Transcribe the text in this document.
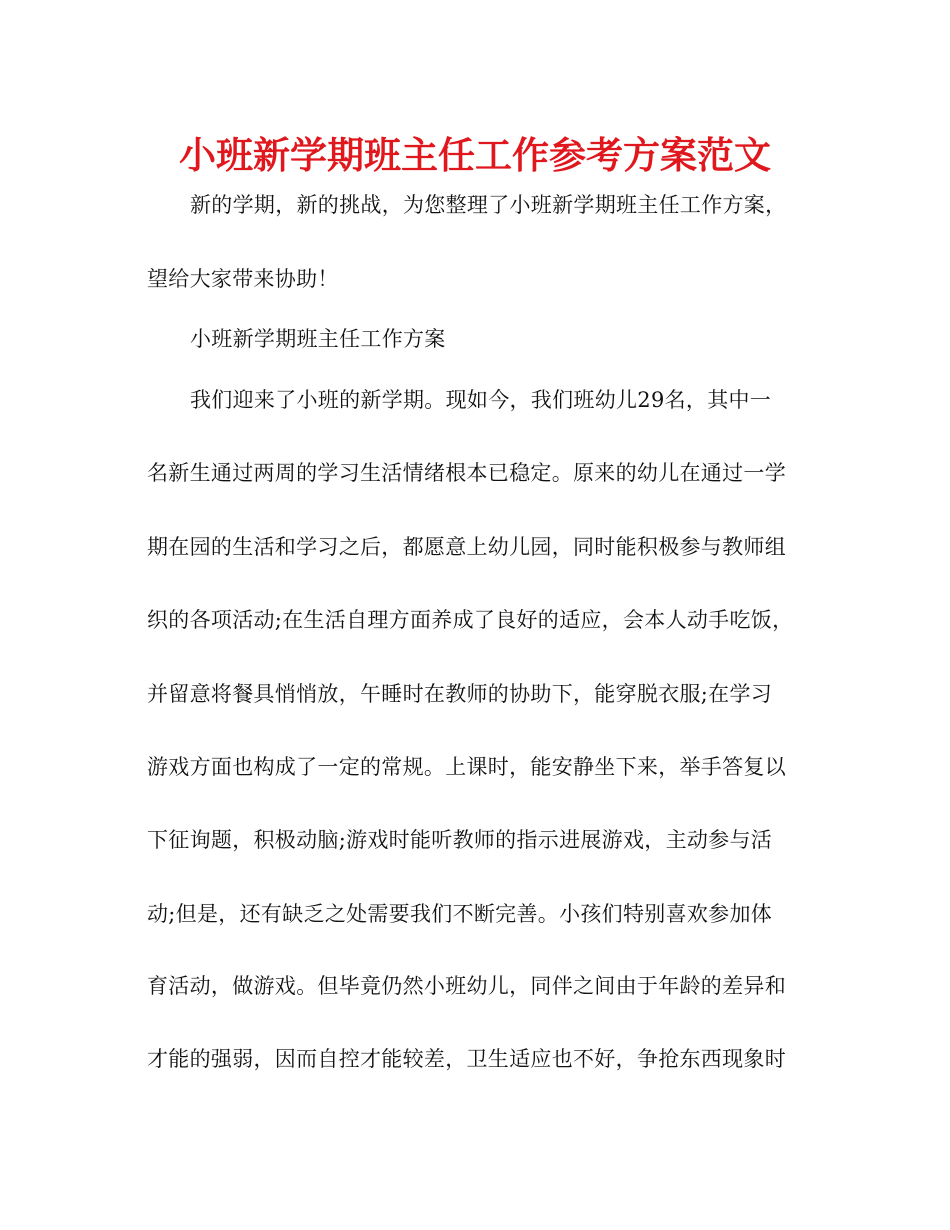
小班新学期班主任工作参考方案范文
新的学期，新的挑战，为您整理了小班新学期班主任工作方案，
望给大家带来协助！
小班新学期班主任工作方案
我们迎来了小班的新学期。现如今，我们班幼儿29名，其中一
名新生通过两周的学习生活情绪根本已稳定。原来的幼儿在通过一学
期在园的生活和学习之后，都愿意上幼儿园，同时能积极参与教师组
织的各项活动;在生活自理方面养成了良好的适应，会本人动手吃饭，
并留意将餐具悄悄放，午睡时在教师的协助下，能穿脱衣服;在学习
游戏方面也构成了一定的常规。上课时，能安静坐下来，举手答复以
下征询题，积极动脑;游戏时能听教师的指示进展游戏，主动参与活
动;但是，还有缺乏之处需要我们不断完善。小孩们特别喜欢参加体
育活动，做游戏。但毕竟仍然小班幼儿，同伴之间由于年龄的差异和
才能的强弱，因而自控才能较差，卫生适应也不好，争抢东西现象时
